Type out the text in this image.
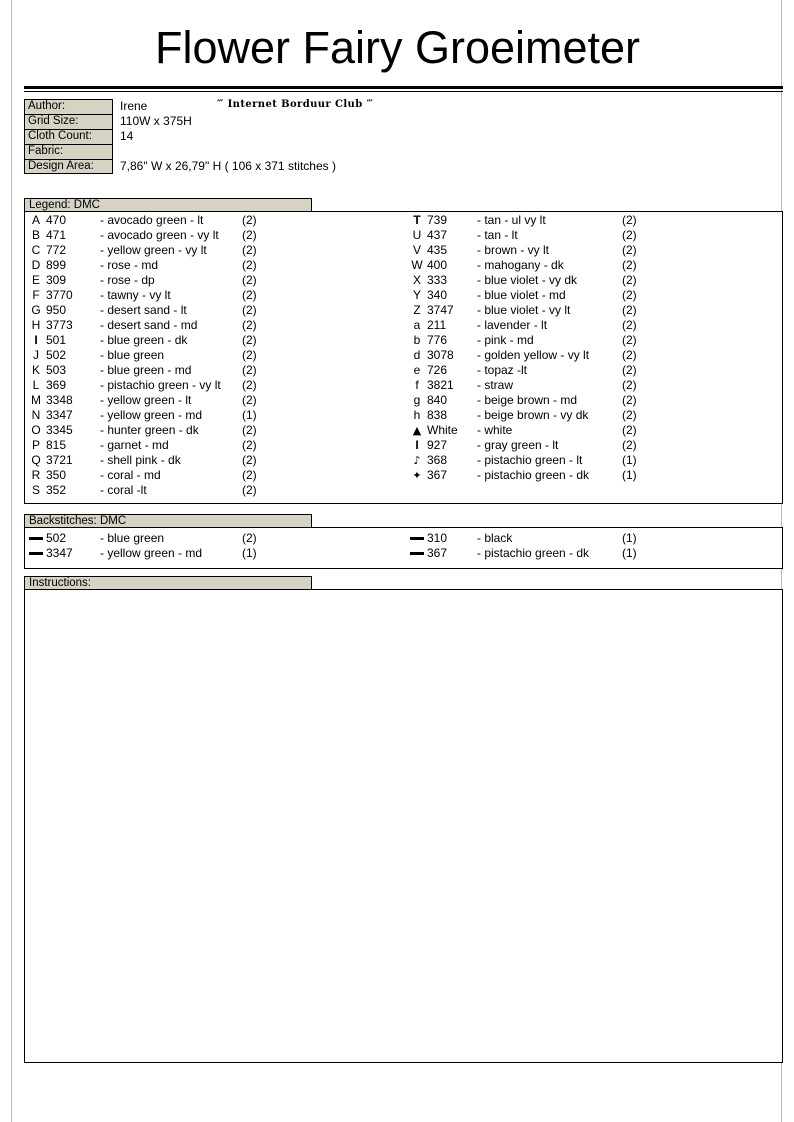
Flower Fairy Groeimeter
Author:	Irene
Grid Size:	110W x 375H
Cloth Count:	14
Fabric:
Design Area:	7,86" W x 26,79" H ( 106 x 371 stitches )
‴ Internet Borduur Club ‴
Legend: DMC
Backstitches: DMC
Instructions:
A 470	- avocado green - lt	(2)
B 471	- avocado green - vy lt (2)
C 772	- yellow green - vy lt	(2)
D 899	- rose - md	(2)
E 309	- rose - dp	(2)
F 3770	- tawny - vy lt	(2)
G 950	- desert sand - lt	(2)
H 3773	- desert sand - md	(2)
I 501	- blue green - dk	(2)
J 502	- blue green	(2)
K 503	- blue green - md	(2)
L 369	- pistachio green - vy lt (2)
M 3348	- yellow green - lt	(2)
N 3347	- yellow green - md	(1)
O 3345	- hunter green - dk	(2)
P 815	- garnet - md	(2)
Q 3721	- shell pink - dk	(2)
R 350	- coral - md	(2)
S 352	- coral -lt	(2)
T 739	- tan - ul vy lt	(2)
U 437	- tan - lt	(2)
V 435	- brown - vy lt	(2)
W 400	- mahogany - dk	(2)
X 333	- blue violet - vy dk	(2)
Y 340	- blue violet - md	(2)
Z 3747	- blue violet - vy lt	(2)
a 211	- lavender - lt	(2)
b 776	- pink - md	(2)
d 3078	- golden yellow - vy lt	(2)
e 726	- topaz -lt	(2)
f 3821	- straw	(2)
g 840	- beige brown - md	(2)
h 838	- beige brown - vy dk	(2)
▲ White	- white	(2)
I 927	- gray green - lt	(2)
♪ 368	- pistachio green - lt	(1)
✦ 367	- pistachio green - dk	(1)
502	- blue green	(2)
3347	- yellow green - md	(1)
310	- black	(1)
367	- pistachio green - dk	(1)
